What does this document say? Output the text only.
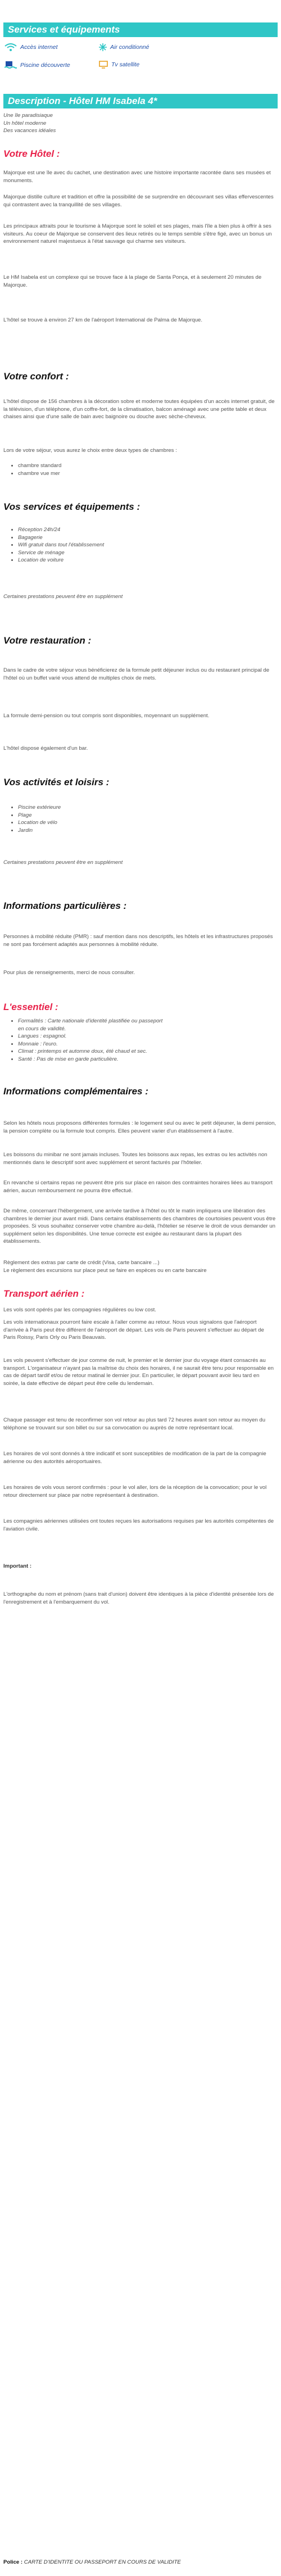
Services et équipements
Accès internet	Air conditionné
Piscine découverte	Tv satellite
Description - Hôtel HM Isabela 4*
Une île paradisiaque
Un hôtel moderne
Des vacances idéales
Votre Hôtel :
Majorque est une île avec du cachet, une destination avec une histoire importante racontée dans ses musées et monuments.
Majorque distille culture et tradition et offre la possibilité de se surprendre en découvrant ses villas effervescentes qui contrastent avec la tranquillité de ses villages.
Les principaux attraits pour le tourisme à Majorque sont le soleil et ses plages, mais l'île a bien plus à offrir à ses visiteurs. Au coeur de Majorque se conservent des lieux retirés ou le temps semble s'être figé, avec un bonus un environnement naturel majestueux à l'état sauvage qui charme ses visiteurs.
Le HM Isabela est un complexe qui se trouve face à la plage de Santa Ponça, et à seulement 20 minutes de Majorque.
L'hôtel se trouve à environ 27 km de l'aéroport International de Palma de Majorque.
Votre confort :
L'hôtel dispose de 156 chambres à la décoration sobre et moderne toutes équipées d'un accès internet gratuit, de la télévision, d'un téléphone, d'un coffre-fort, de la climatisation, balcon aménagé avec une petite table et deux chaises ainsi que d'une salle de bain avec baignoire ou douche avec sèche-cheveux.
Lors de votre séjour, vous aurez le choix entre deux types de chambres :
• chambre standard
• chambre vue mer
Vos services et équipements :
• Réception 24h/24
• Bagagerie
• Wifi gratuit dans tout l'établissement
• Service de ménage
• Location de voiture
Certaines prestations peuvent être en supplément
Votre restauration :
Dans le cadre de votre séjour vous bénéficierez de la formule petit déjeuner inclus ou du restaurant principal de l'hôtel où un buffet varié vous attend de multiples choix de mets.
La formule demi-pension ou tout compris sont disponibles, moyennant un supplément.
L'hôtel dispose également d'un bar.
Vos activités et loisirs :
• Piscine extérieure
• Plage
• Location de vélo
• Jardin
Certaines prestations peuvent être en supplément
Informations particulières :
Personnes à mobilité réduite (PMR) : sauf mention dans nos descriptifs, les hôtels et les infrastructures proposés ne sont pas forcément adaptés aux personnes à mobilité réduite.
Pour plus de renseignements, merci de nous consulter.
L'essentiel :
• Formalités : Carte nationale d'identité plastifiée ou passeport
en cours de validité.
• Langues : espagnol.
• Monnaie : l'euro.
• Climat : printemps et automne doux, été chaud et sec.
• Santé : Pas de mise en garde particulière.
Informations complémentaires :
Selon les hôtels nous proposons différentes formules : le logement seul ou avec le petit déjeuner, la demi pension, la pension complète ou la formule tout compris. Elles peuvent varier d'un établissement à l'autre.
Les boissons du minibar ne sont jamais incluses. Toutes les boissons aux repas, les extras ou les activités non mentionnés dans le descriptif sont avec supplément et seront facturés par l'hôtelier.
En revanche si certains repas ne peuvent être pris sur place en raison des contraintes horaires liées au transport aérien, aucun remboursement ne pourra être effectué.
De même, concernant l'hébergement, une arrivée tardive à l'hôtel ou tôt le matin impliquera une libération des chambres le dernier jour avant midi. Dans certains établissements des chambres de courtoisies peuvent vous être proposées. Si vous souhaitez conserver votre chambre au-delà, l'hôtelier se réserve le droit de vous demander un supplément selon les disponibilités. Une tenue correcte est exigée au restaurant dans la plupart des établissements.
Règlement des extras par carte de crédit (Visa, carte bancaire ...)
Le règlement des excursions sur place peut se faire en espèces ou en carte bancaire
Transport aérien :
Les vols sont opérés par les compagnies régulières ou low cost.
Les vols internationaux pourront faire escale à l'aller comme au retour. Nous vous signalons que l'aéroport d'arrivée à Paris peut être différent de l'aéroport de départ. Les vols de Paris peuvent s'effectuer au départ de Paris Roissy, Paris Orly ou Paris Beauvais.
Les vols peuvent s'effectuer de jour comme de nuit, le premier et le dernier jour du voyage étant consacrés au transport. L'organisateur n'ayant pas la maîtrise du choix des horaires, il ne saurait être tenu pour responsable en cas de départ tardif et/ou de retour matinal le dernier jour. En particulier, le départ pouvant avoir lieu tard en soirée, la date effective de départ peut être celle du lendemain.
Chaque passager est tenu de reconfirmer son vol retour au plus tard 72 heures avant son retour au moyen du téléphone se trouvant sur son billet ou sur sa convocation ou auprès de notre représentant local.
Les horaires de vol sont donnés à titre indicatif et sont susceptibles de modification de la part de la compagnie aérienne ou des autorités aéroportuaires.
Les horaires de vols vous seront confirmés : pour le vol aller, lors de la réception de la convocation; pour le vol retour directement sur place par notre représentant à destination.
Les compagnies aériennes utilisées ont toutes reçues les autorisations requises par les autorités compétentes de l'aviation civile.
Important :
L'orthographe du nom et prénom (sans trait d'union) doivent être identiques à la pièce d'identité présentée lors de l'enregistrement et à l'embarquement du vol.
Police : CARTE D'IDENTITE OU PASSEPORT EN COURS DE VALIDITE
